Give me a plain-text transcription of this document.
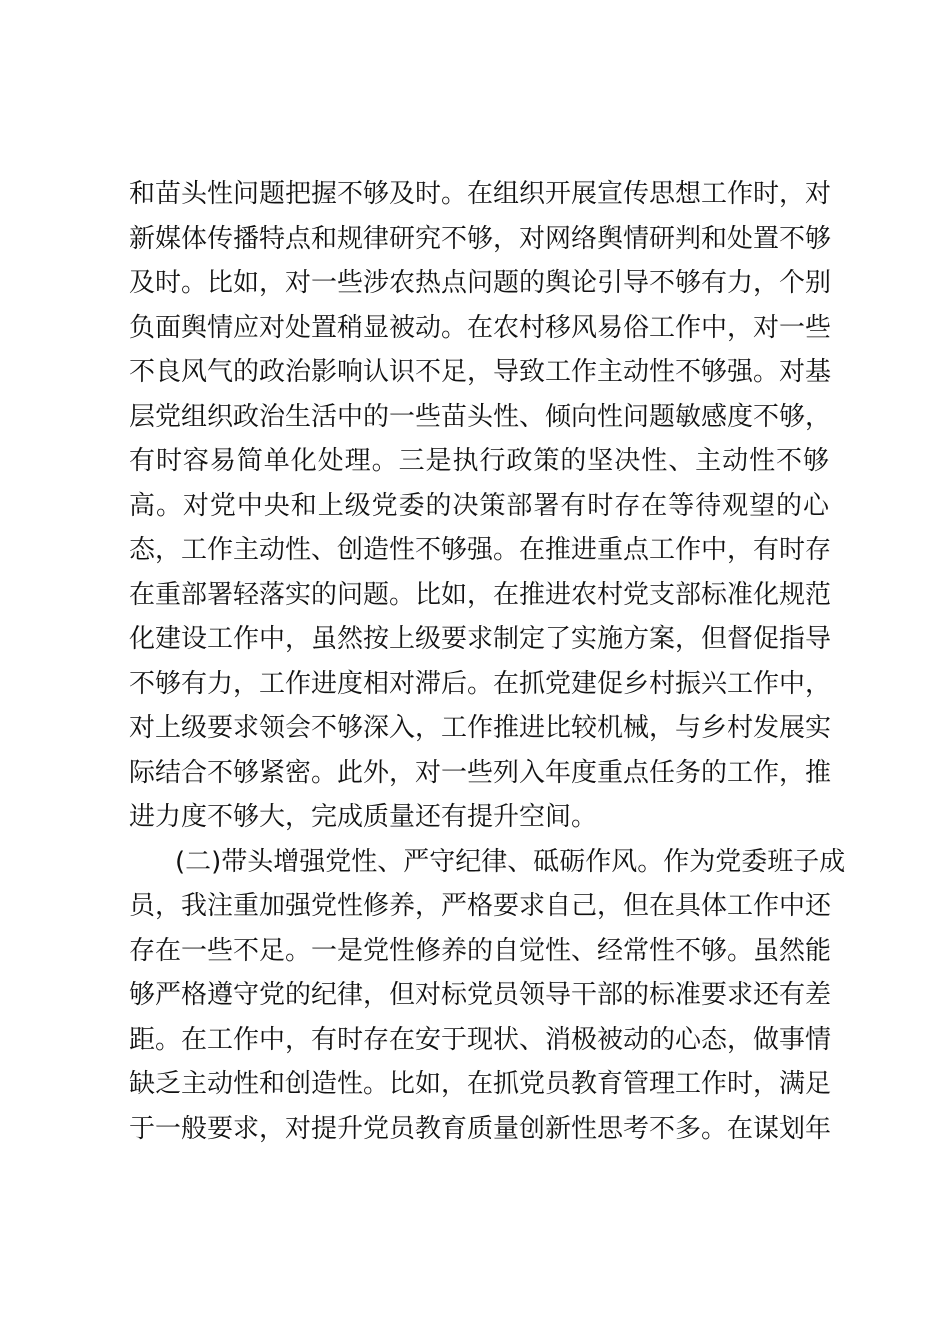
和苗头性问题把握不够及时。在组织开展宣传思想工作时，对
新媒体传播特点和规律研究不够，对网络舆情研判和处置不够
及时。比如，对一些涉农热点问题的舆论引导不够有力，个别
负面舆情应对处置稍显被动。在农村移风易俗工作中，对一些
不良风气的政治影响认识不足，导致工作主动性不够强。对基
层党组织政治生活中的一些苗头性、倾向性问题敏感度不够，
有时容易简单化处理。三是执行政策的坚决性、主动性不够
高。对党中央和上级党委的决策部署有时存在等待观望的心
态，工作主动性、创造性不够强。在推进重点工作中，有时存
在重部署轻落实的问题。比如，在推进农村党支部标准化规范
化建设工作中，虽然按上级要求制定了实施方案，但督促指导
不够有力，工作进度相对滞后。在抓党建促乡村振兴工作中，
对上级要求领会不够深入，工作推进比较机械，与乡村发展实
际结合不够紧密。此外，对一些列入年度重点任务的工作，推
进力度不够大，完成质量还有提升空间。
(二)带头增强党性、严守纪律、砥砺作风。作为党委班子成
员，我注重加强党性修养，严格要求自己，但在具体工作中还
存在一些不足。一是党性修养的自觉性、经常性不够。虽然能
够严格遵守党的纪律，但对标党员领导干部的标准要求还有差
距。在工作中，有时存在安于现状、消极被动的心态，做事情
缺乏主动性和创造性。比如，在抓党员教育管理工作时，满足
于一般要求，对提升党员教育质量创新性思考不多。在谋划年
